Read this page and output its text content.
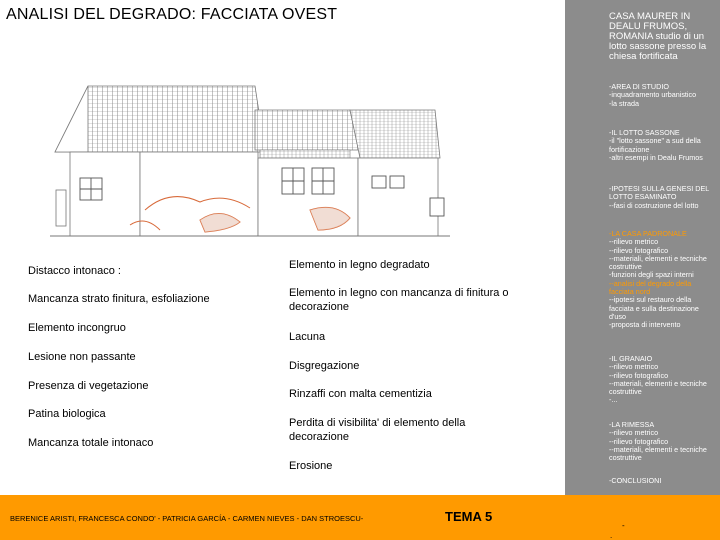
ANALISI DEL DEGRADO: FACCIATA OVEST
Distacco intonaco :
Mancanza strato finitura, esfoliazione
Elemento incongruo
Lesione non passante
Presenza di vegetazione
Patina biologica
Mancanza totale intonaco
Elemento in legno degradato
Elemento in legno con mancanza di finitura o decorazione
Lacuna
Disgregazione
Rinzaffi con malta cementizia
Perdita di visibilita' di elemento della decorazione
Erosione
CASA MAURER IN DEALU FRUMOS, ROMANIA studio di un lotto sassone presso la chiesa fortificata
-AREA DI STUDIO
-inquadramento urbanistico
-la strada
-IL LOTTO SASSONE
-il "lotto sassone" a sud della fortificazione
-altri esempi in Dealu Frumos
-IPOTESI SULLA GENESI DEL LOTTO ESAMINATO
--fasi di costruzione del lotto
-LA CASA PADRONALE
--rilievo metrico
--rilievo fotografico
--materiali, elementi e tecniche costruttive
-funzioni degli spazi interni
--analisi del degrado della facciata nord
--ipotesi sul restauro della facciata e sulla destinazione d'uso
-proposta di intervento
-IL GRANAIO
--rilievo metrico
--rilievo fotografico
--materiali, elementi e tecniche costruttive
-...
-LA RIMESSA
--rilievo metrico
--rilievo fotografico
--materiali, elementi e tecniche costruttive
-CONCLUSIONI
BERENICE ARISTI, FRANCESCA CONDO' - PATRICIA GARCÍA - CARMEN NIEVES - DAN STROESCU-	TEMA 5
-
.
